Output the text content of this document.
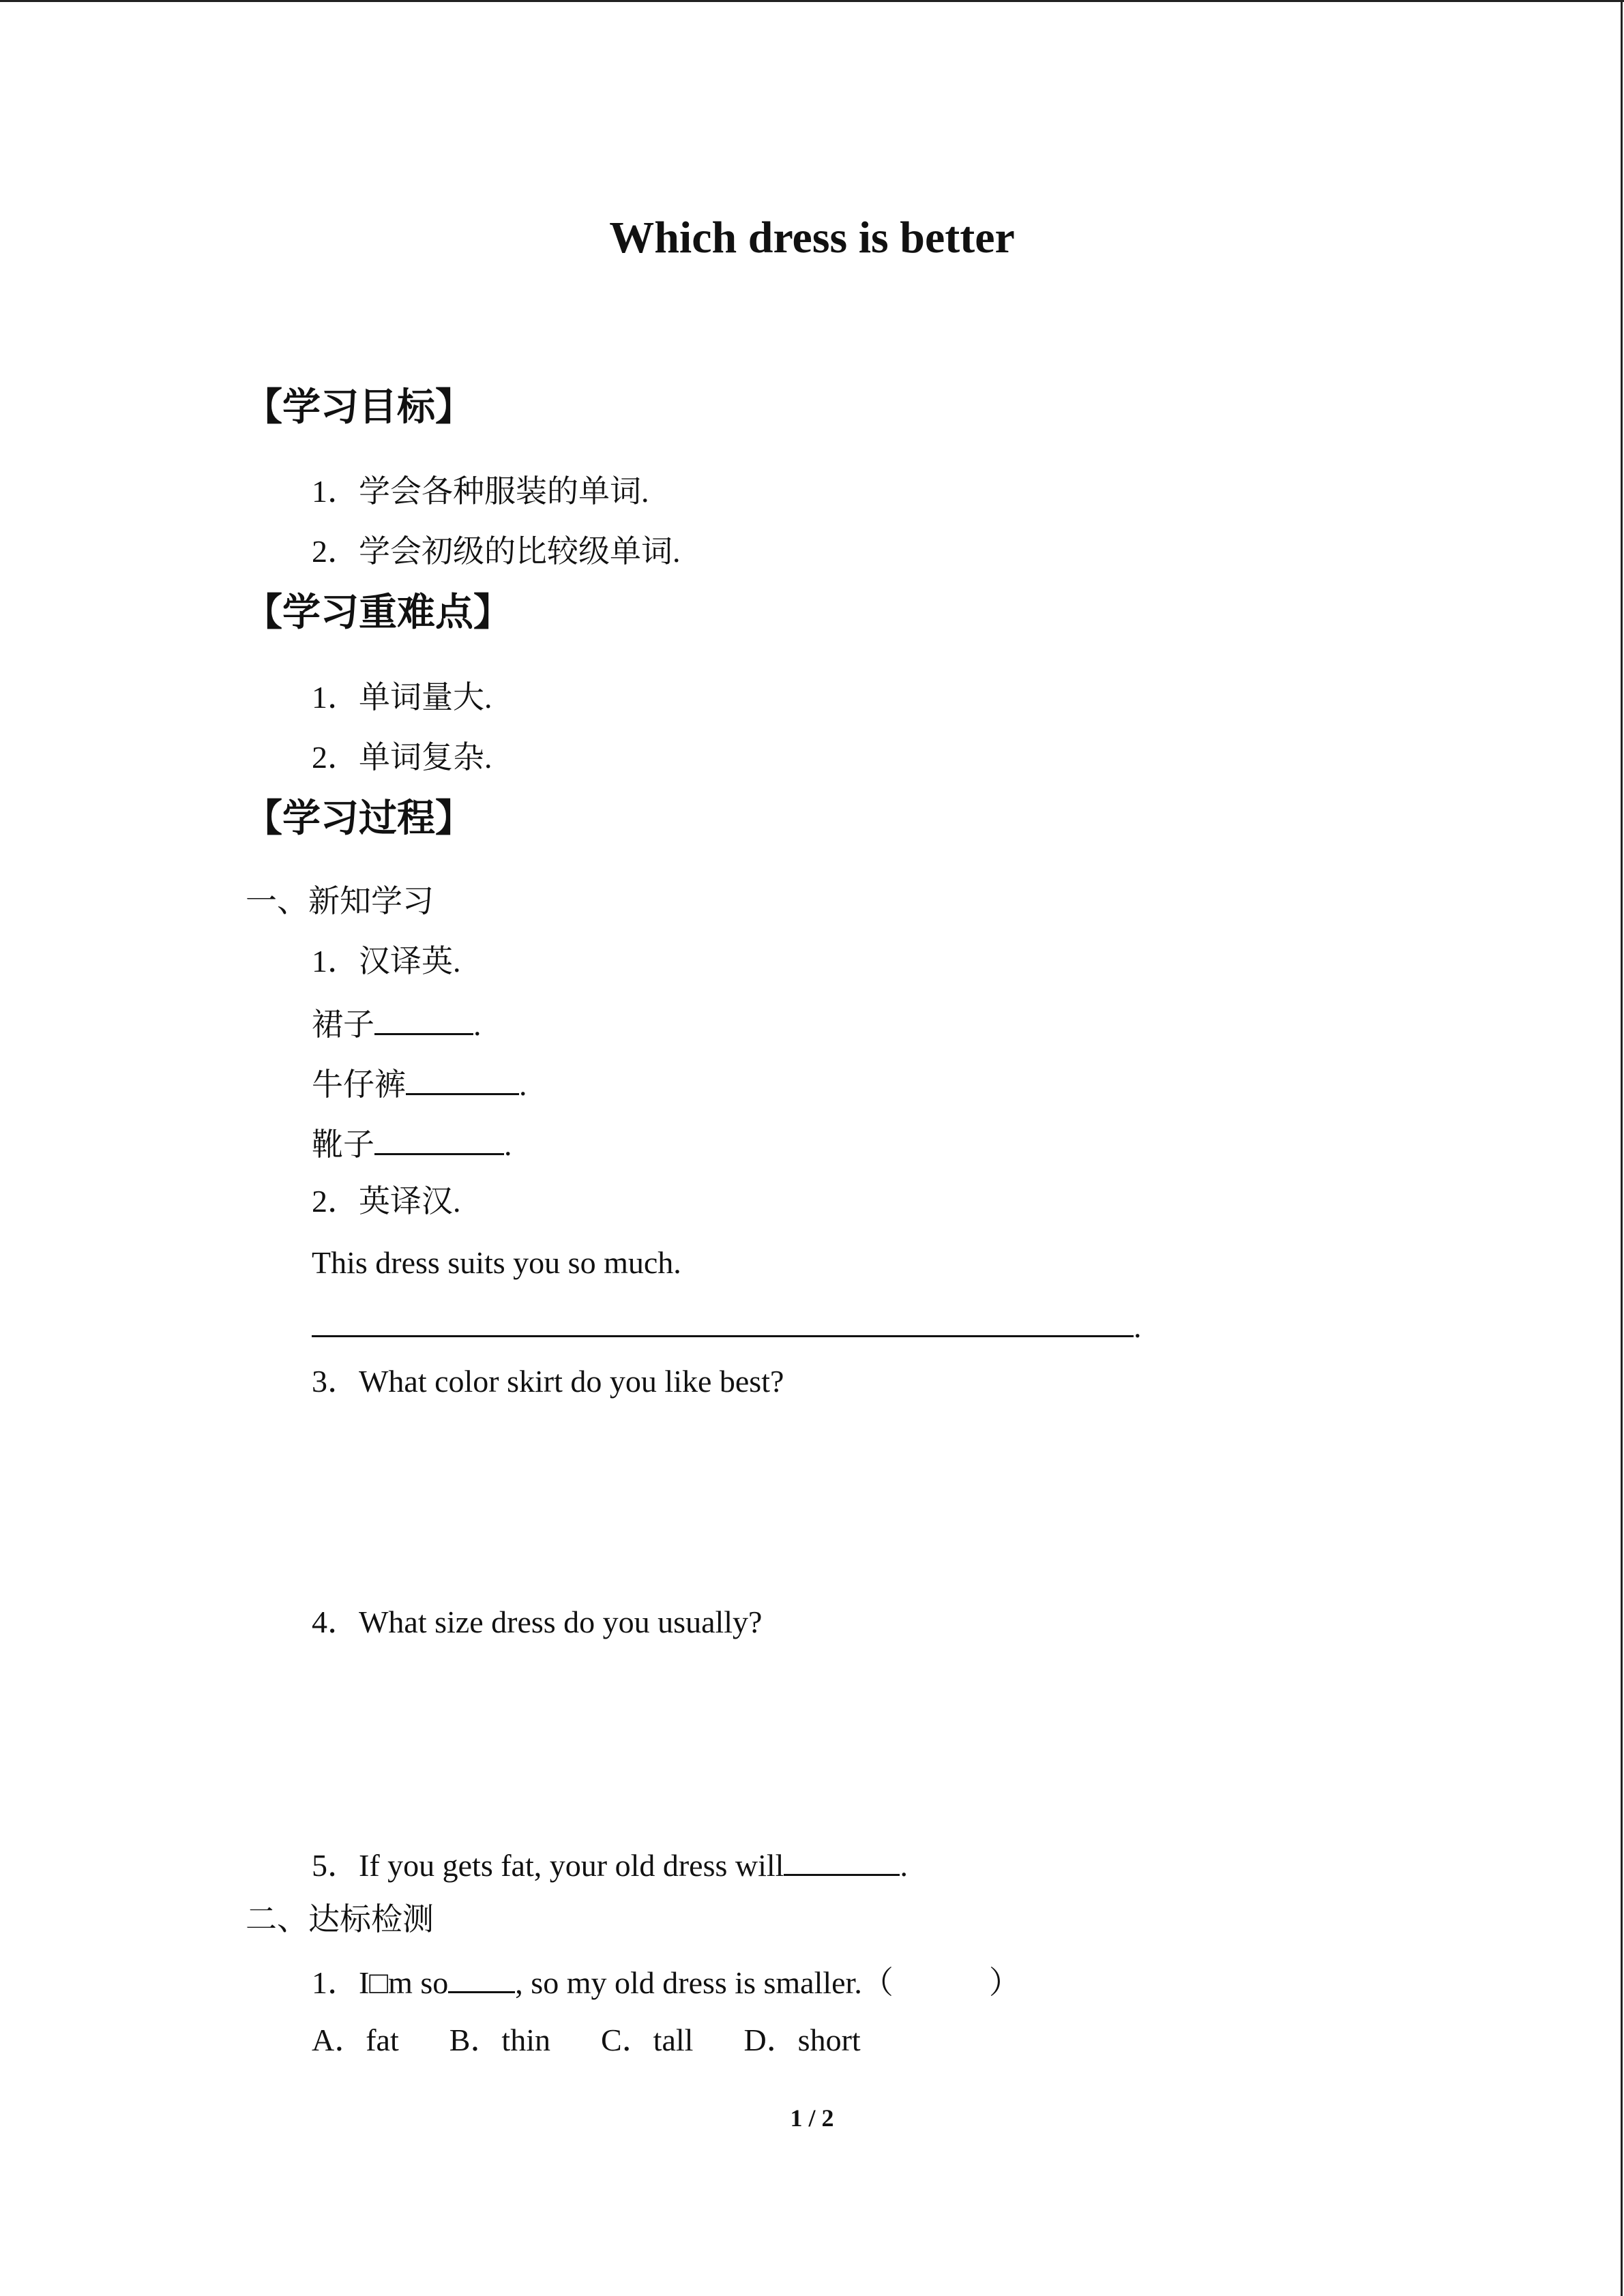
Which dress is better
【学习目标】
1．学会各种服装的单词.
2．学会初级的比较级单词.
【学习重难点】
1．单词量大.
2．单词复杂.
【学习过程】
一、新知学习
1．汉译英.
裙子	.
牛仔裤	.
靴子	.
2．英译汉.
This dress suits you so much.
.
3．What color skirt do you like best?
4．What size dress do you usually?
5．If you gets fat, your old dress will	.
二、达标检测
1．I□m so , so my old dress is smaller.（	）
A．fat B．thin C．tall D．short
1 / 2
